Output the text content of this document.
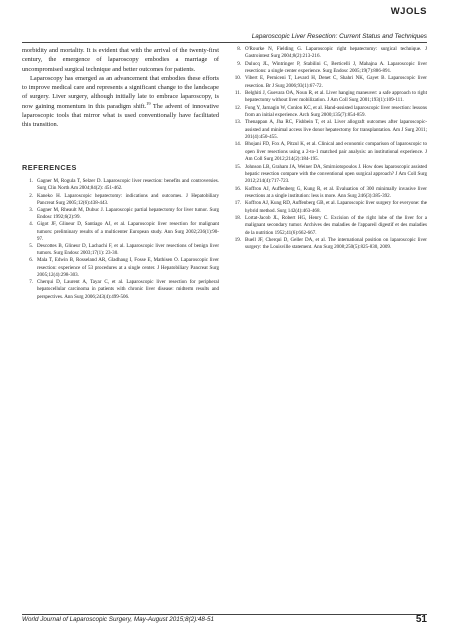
WJOLS
Laparoscopic Liver Resection: Current Status and Techniques

morbidity and mortality. It is evident that with the arrival of the twenty-first century, the emergence of laparoscopy embodies a marriage of uncompromised surgical technique and better outcomes for patients.

Laparoscopy has emerged as an advancement that embodies these efforts to improve medical care and represents a significant change to the landscape of surgery. Liver surgery, although initially late to embrace laparoscopy, is now gaining momentum in this paradigm shift.$^{19}$ The advent of innovative laparoscopic tools that mirror what is used conventionally have facilitated this transition.

REFERENCES
1. Gagner M, Rogula T, Selzer D. Laparoscopic liver resection: benefits and controversies. Surg Clin North Am 2004;84(2): 451-462.
2. Kaneko H. Laparoscopic hepatectomy: indications and outcomes. J Hepatobiliary Pancreat Surg 2005;12(6):438-443.
3. Gagner M, Rheault M, Dubuc J. Laparoscopic partial hepatectomy for liver tumor. Surg Endosc 1992;6(2):99.
4. Gigot JF, Glineur D, Santiago AJ, et al. Laparoscopic liver resection for malignant tumors: preliminary results of a multicenter European study. Ann Surg 2002;236(1):90-97.
5. Descottes B, Glineur D, Lachachi F, et al. Laparoscopic liver resections of benign liver tumors. Surg Endosc 2003;17(1): 23-30.
6. Mala T, Edwin B, Rosseland AR, Gladhaug I, Fosse E, Mathisen O. Laparoscopic liver resection: experience of 53 procedures at a single center. J Hepatobiliary Pancreat Surg 2005;12(4):298-303.
7. Cherqui D, Laurent A, Tayar C, et al. Laparoscopic liver resection for peripheral hepatocellular carcinoma in patients with chronic liver disease: midterm results and perspectives. Ann Surg 2006;243(4):499-506.
8. O'Rourke N, Fielding G. Laparoscopic right hepatectomy: surgical technique. J Gastrointest Surg 2004;8(2):213-216.
9. Dulucq JL, Wintringer P, Stabilini C, Berticelli J, Mahajna A. Laparoscopic liver resections: a single center experience. Surg Endosc 2005;19(7):886-891.
10. Vibert E, Perniceni T, Levard H, Denet C, Shahri NK, Gayet B. Laparoscopic liver resection. Br J Surg 2006;93(1):67-72.
11. Belghiti J, Guevara OA, Noun R, et al. Liver hanging maneuver: a safe approach to right hepatectomy without liver mobilization. J Am Coll Surg 2001;193(1):109-111.
12. Fong Y, Jarnagin W, Conlon KC, et al. Hand-assisted laparoscopic liver resection: lessons from an initial experience. Arch Surg 2000;135(7):854-859.
13. Thenappan A, Jha RC, Fishbein T, et al. Liver allograft outcomes after laparoscopic-assisted and minimal access live donor hepatectomy for transplantation. Am J Surg 2011; 201(4):450-455.
14. Bhojani FD, Fox A, Pitzul K, et al. Clinical and economic comparison of laparoscopic to open liver resections using a 2-to-1 matched pair analysis: an institutional experience. J Am Coll Surg 2012;214(2):184-195.
15. Johnson LB, Graham JA, Weiner DA, Smirniotopoulos J. How does laparoscopic assisted hepatic resection compare with the conventional open surgical approach? J Am Coll Surg 2012;214(4):717-723.
16. Koffron AJ, Auffenberg G, Kung R, et al. Evaluation of 300 minimally invasive liver resections at a single institution: less is more. Ann Surg 246(3):385-392.
17. Koffron AJ, Kung RD, Auffenberg GB, et al. Laparoscopic liver surgery for everyone: the hybrid method. Surg 142(4):463-468.
18. Lortat-Jacob JL, Robert HG, Henry C. Excision of the right lobe of the liver for a malignant secondary tumor. Archives des maladies de l'appareil digestif et des maladies de la nutrition 1952;41(6):662-667.
19. Buell JF, Cherqui D, Geller DA, et al. The international position on laparoscopic liver surgery: the Louisville statement. Ann Surg 2008;250(5):825-830, 2009.
World Journal of Laparoscopic Surgery, May-August 2015;8(2):48-51	51
